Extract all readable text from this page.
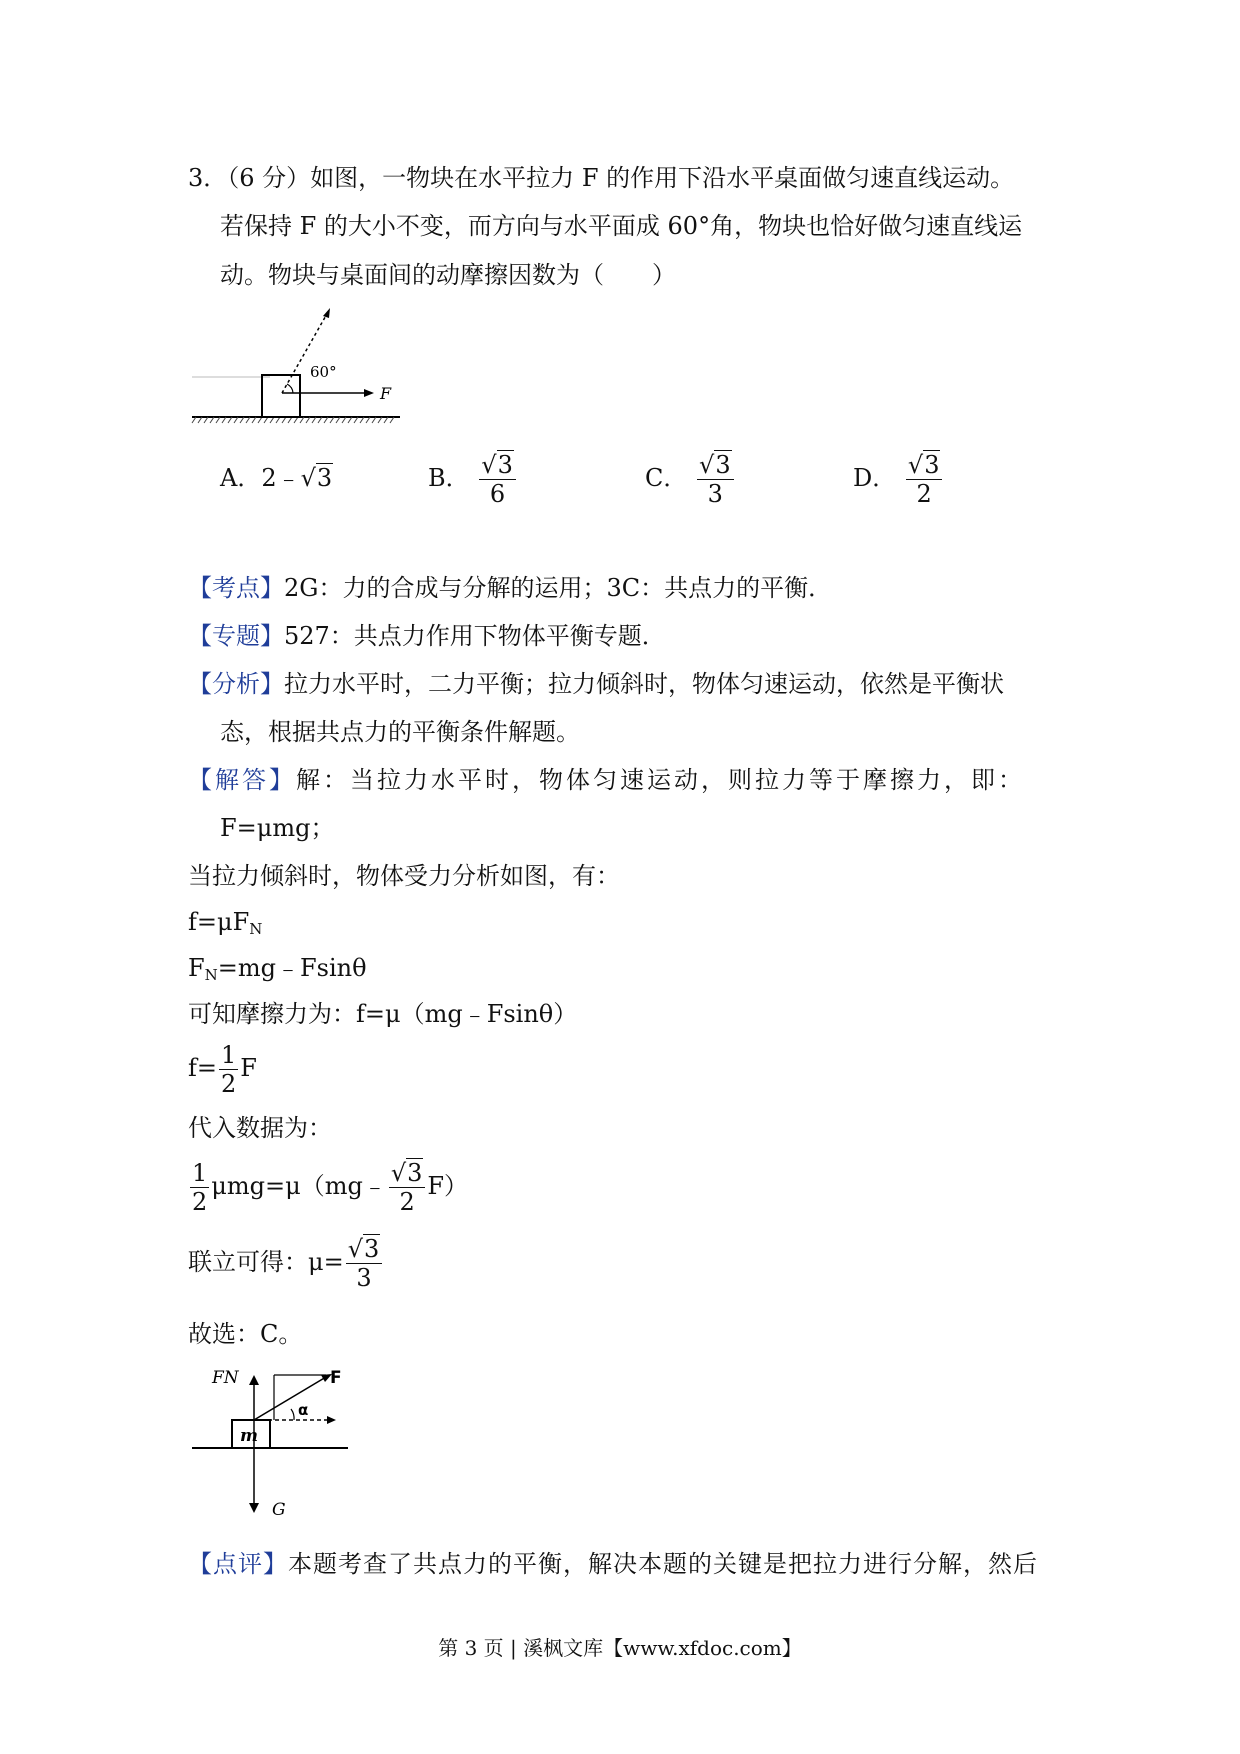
3．（6 分）如图，一物块在水平拉力 F 的作用下沿水平桌面做匀速直线运动。
若保持 F 的大小不变，而方向与水平面成 60°角，物块也恰好做匀速直线运
动。物块与桌面间的动摩擦因数为（　　）
60°
F
A．2﹣√3	B． $\frac{√3}{6}$	C． $\frac{√3}{3}$	D． $\frac{√3}{2}$
【考点】2G：力的合成与分解的运用；3C：共点力的平衡．
【专题】527：共点力作用下物体平衡专题．
【分析】拉力水平时，二力平衡；拉力倾斜时，物体匀速运动，依然是平衡状
态，根据共点力的平衡条件解题。
【解答】解：当拉力水平时，物体匀速运动，则拉力等于摩擦力，即：
F=μmg；
当拉力倾斜时，物体受力分析如图，有：
$f=\mu F_N$
$F_N=mg﹣Fsin\theta$
可知摩擦力为：f=μ（mg﹣Fsinθ）
$f= \frac{1}{2}$ F
代入数据为：
$\frac{1}{2}$ μmg=μ（mg﹣ $\frac{√3}{2} F$）
联立可得：$\mu= \frac{√3}{3}$
故选：C。
FN	F
α
m
G
【点评】本题考查了共点力的平衡，解决本题的关键是把拉力进行分解，然后
第 3 页 | 溪枫文库【www.xfdoc.com】
